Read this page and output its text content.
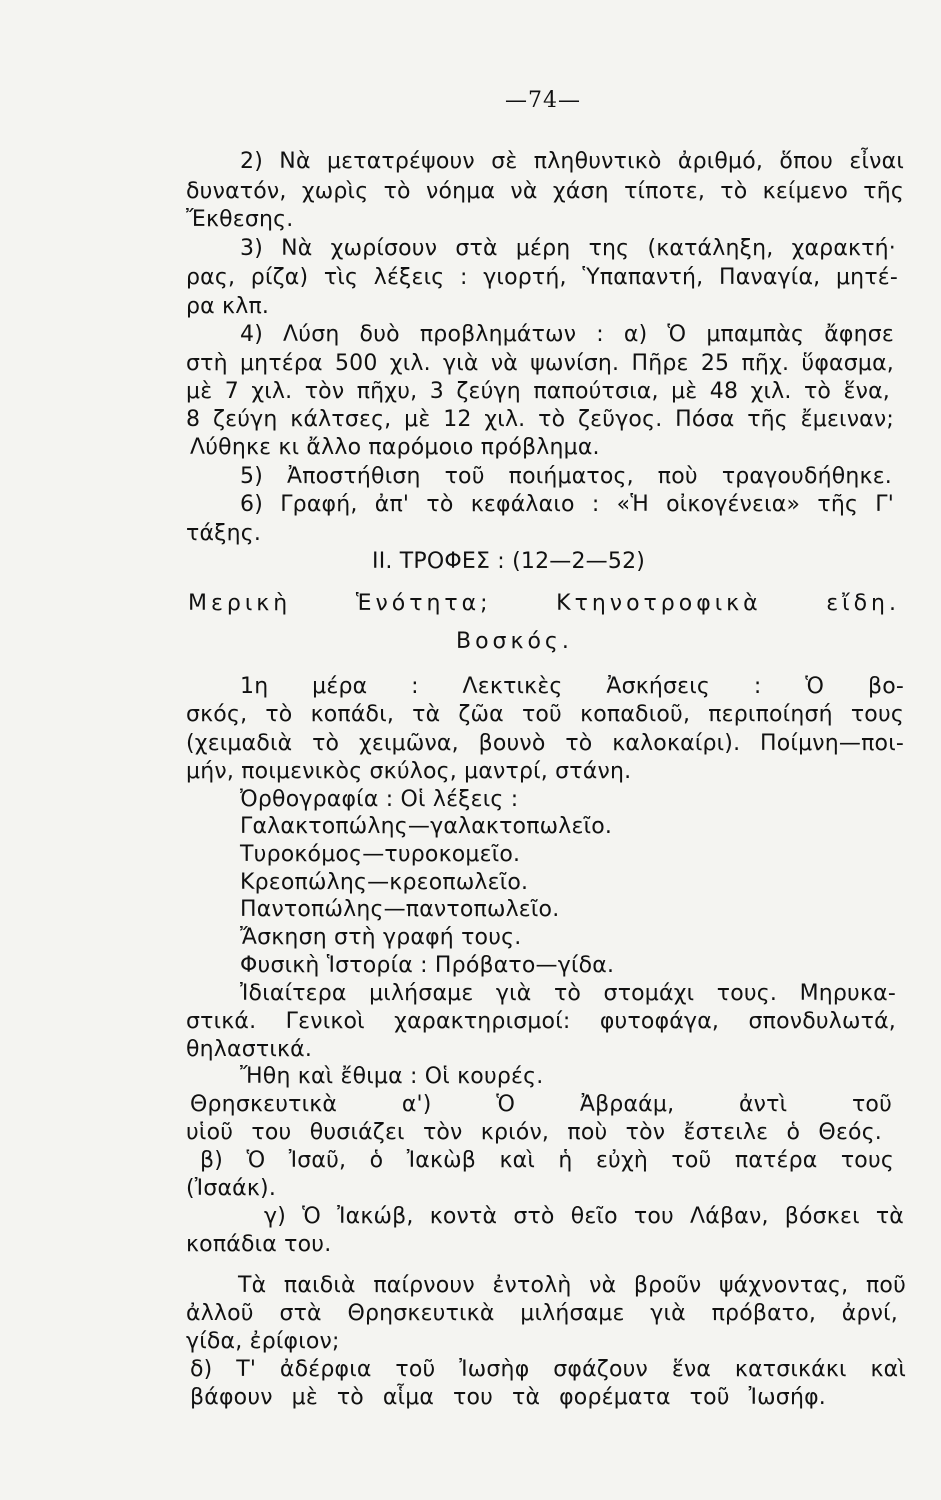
—74—
2) Νὰ μετατρέψουν σὲ πληθυντικὸ ἀριθμό, ὅπου εἶναι
δυνατόν, χωρὶς τὸ νόημα νὰ χάση τίποτε, τὸ κείμενο τῆς
Ἔκθεσης.
3) Νὰ χωρίσουν στὰ μέρη της (κατάληξη, χαρακτή·
ρας, ρίζα) τὶς λέξεις : γιορτή, Ὑπαπαντή, Παναγία, μητέ-
ρα κλπ.
4) Λύση δυὸ προβλημάτων : α) Ὁ μπαμπὰς ἄφησε
στὴ μητέρα 500 χιλ. γιὰ νὰ ψωνίση. Πῆρε 25 πῆχ. ὕφασμα,
μὲ 7 χιλ. τὸν πῆχυ, 3 ζεύγη παπούτσια, μὲ 48 χιλ. τὸ ἕνα,
8 ζεύγη κάλτσες, μὲ 12 χιλ. τὸ ζεῦγος. Πόσα τῆς ἔμειναν;
Λύθηκε κι ἄλλο παρόμοιο πρόβλημα.
5) Ἀποστήθιση τοῦ ποιήματος, ποὺ τραγουδήθηκε.
6) Γραφή, ἀπ' τὸ κεφάλαιο : «Ἡ οἰκογένεια» τῆς Γ'
τάξης.
ΙΙ. ΤΡΟΦΕΣ : (12—2—52)
Μερικὴ Ἑνότητα; Κτηνοτροφικὰ εἴδη.
Βοσκός.
1η μέρα : Λεκτικὲς Ἀσκήσεις : Ὁ βο-
σκός, τὸ κοπάδι, τὰ ζῶα τοῦ κοπαδιοῦ, περιποίησή τους
(χειμαδιὰ τὸ χειμῶνα, βουνὸ τὸ καλοκαίρι). Ποίμνη—ποι-
μήν, ποιμενικὸς σκύλος, μαντρί, στάνη.
Ὀρθογραφία : Οἱ λέξεις :
Γαλακτοπώλης—γαλακτοπωλεῖο.
Τυροκόμος—τυροκομεῖο.
Κρεοπώλης—κρεοπωλεῖο.
Παντοπώλης—παντοπωλεῖο.
Ἄσκηση στὴ γραφή τους.
Φυσικὴ Ἱστορία : Πρόβατο—γίδα.
Ἰδιαίτερα μιλήσαμε γιὰ τὸ στομάχι τους. Μηρυκα-
στικά. Γενικοὶ χαρακτηρισμοί: φυτοφάγα, σπονδυλωτά,
θηλαστικά.
Ἤθη καὶ ἔθιμα : Οἱ κουρές.
Θρησκευτικὰ α') Ὁ Ἀβραάμ, ἀντὶ τοῦ
υἱοῦ του θυσιάζει τὸν κριόν, ποὺ τὸν ἔστειλε ὁ Θεός.
β) Ὁ Ἰσαῦ, ὁ Ἰακὼβ καὶ ἡ εὐχὴ τοῦ πατέρα τους
(Ἰσαάκ).
γ) Ὁ Ἰακώβ, κοντὰ στὸ θεῖο του Λάβαν, βόσκει τὰ
κοπάδια του.
Τὰ παιδιὰ παίρνουν ἐντολὴ νὰ βροῦν ψάχνοντας, ποῦ
ἀλλοῦ στὰ Θρησκευτικὰ μιλήσαμε γιὰ πρόβατο, ἀρνί,
γίδα, ἐρίφιον;
δ) Τ' ἀδέρφια τοῦ Ἰωσὴφ σφάζουν ἕνα κατσικάκι καὶ
βάφουν μὲ τὸ αἷμα του τὰ φορέματα τοῦ Ἰωσήφ.
